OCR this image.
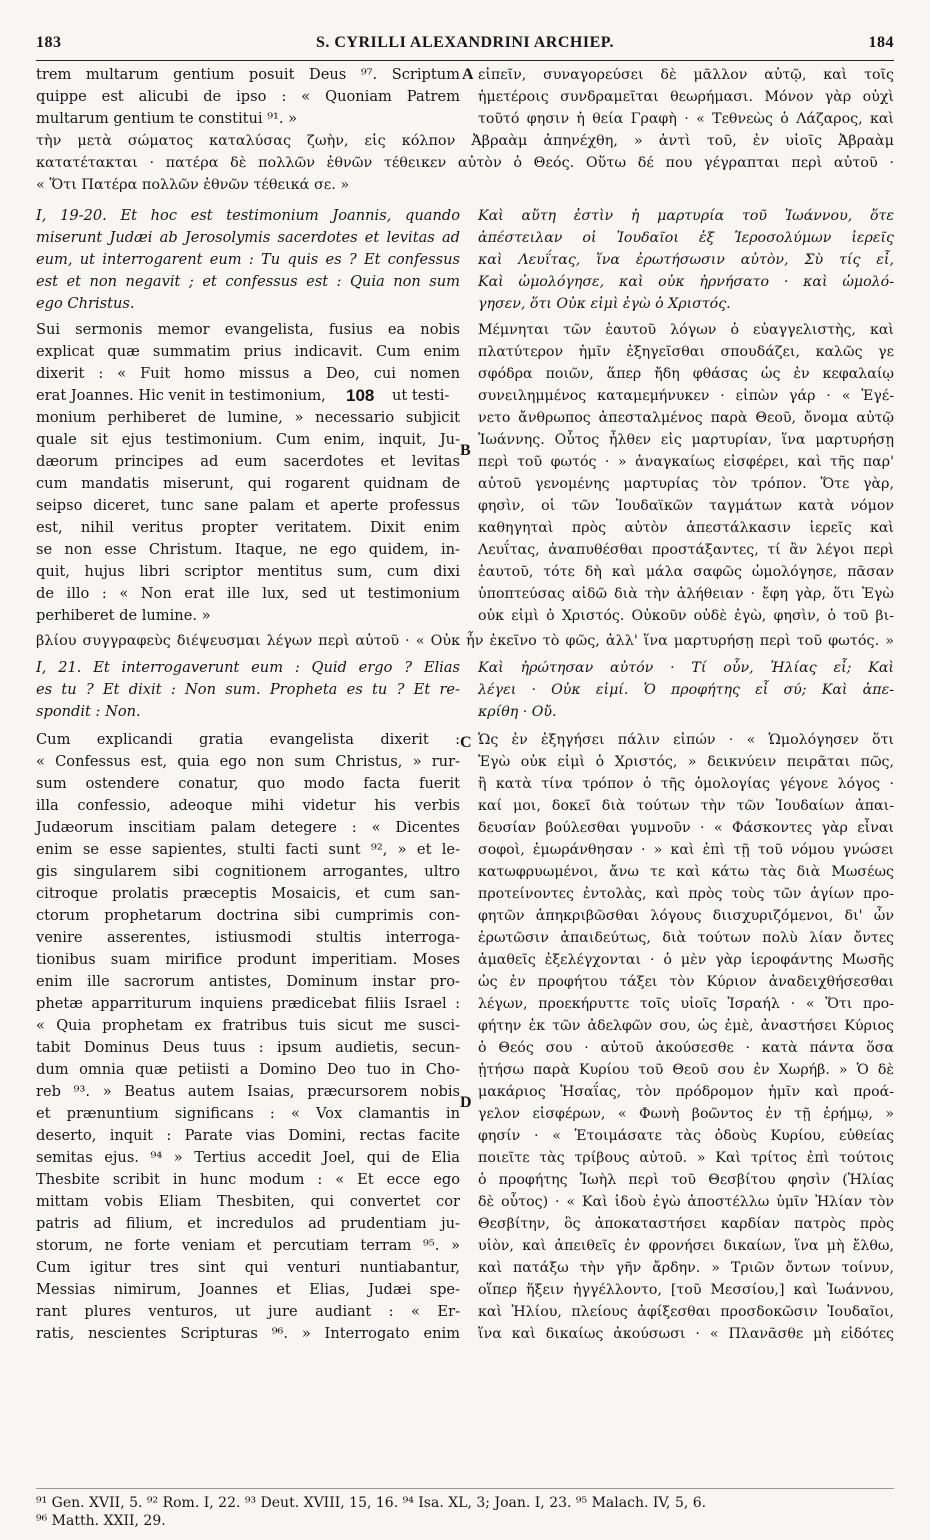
183	S. CYRILLI ALEXANDRINI ARCHIEP.	184
trem multarum gentium posuit Deus ⁹⁷. Scriptum
quippe est alicubi de ipso : « Quoniam Patrem
multarum gentium te constitui ⁹¹. »
A εἰπεῖν, συναγορεύσει δὲ μᾶλλον αὐτῷ, καὶ τοῖς
ἡμετέροις συνδραμεῖται θεωρήμασι. Μόνον γὰρ οὐχὶ
τοῦτό φησιν ἡ θεία Γραφὴ · « Τεθνεὼς ὁ Λάζαρος, καὶ
τὴν μετὰ σώματος καταλύσας ζωὴν, εἰς κόλπον Ἀβραὰμ ἀπηνέχθη, » ἀντὶ τοῦ, ἐν υἱοῖς Ἀβραὰμ
κατατέτακται · πατέρα δὲ πολλῶν ἐθνῶν τέθεικεν αὐτὸν ὁ Θεός. Οὕτω δέ που γέγραπται περὶ αὐτοῦ ·
« Ὅτι Πατέρα πολλῶν ἐθνῶν τέθεικά σε. »
I, 19-20. Et hoc est testimonium Joannis, quando
miserunt Judæi ab Jerosolymis sacerdotes et levitas ad
eum, ut interrogarent eum : Tu quis es ? Et confessus
est et non negavit ; et confessus est : Quia non sum
ego Christus.
Sui sermonis memor evangelista, fusius ea nobis
explicat quæ summatim prius indicavit. Cum enim
dixerit : « Fuit homo missus a Deo, cui nomen
erat Joannes. Hic venit in testimonium,	108 ut testi-
monium perhiberet de lumine, » necessario subjicit
quale sit ejus testimonium. Cum enim, inquit, Ju-
dæorum principes ad eum sacerdotes et levitas
cum mandatis miserunt, qui rogarent quidnam de
seipso diceret, tunc sane palam et aperte professus
est, nihil veritus propter veritatem. Dixit enim
se non esse Christum. Itaque, ne ego quidem, in-
quit, hujus libri scriptor mentitus sum, cum dixi
de illo : « Non erat ille lux, sed ut testimonium
perhiberet de lumine. »
B
Καὶ αὕτη ἐστὶν ἡ μαρτυρία τοῦ Ἰωάννου, ὅτε
ἀπέστειλαν οἱ Ἰουδαῖοι ἐξ Ἱεροσολύμων ἱερεῖς
καὶ Λευΐτας, ἵνα ἐρωτήσωσιν αὐτὸν, Σὺ τίς εἶ,
Καὶ ὡμολόγησε, καὶ οὐκ ἠρνήσατο · καὶ ὡμολό-
γησεν, ὅτι Οὐκ εἰμὶ ἐγὼ ὁ Χριστός.
Μέμνηται τῶν ἑαυτοῦ λόγων ὁ εὐαγγελιστὴς, καὶ
πλατύτερον ἡμῖν ἐξηγεῖσθαι σπουδάζει, καλῶς γε
σφόδρα ποιῶν, ἅπερ ἤδη φθάσας ὡς ἐν κεφαλαίῳ
συνειλημμένος καταμεμήνυκεν · εἰπὼν γάρ · « Ἐγέ-
νετο ἄνθρωπος ἀπεσταλμένος παρὰ Θεοῦ, ὄνομα αὐτῷ
Ἰωάννης. Οὗτος ἦλθεν εἰς μαρτυρίαν, ἵνα μαρτυρήσῃ
περὶ τοῦ φωτός · » ἀναγκαίως εἰσφέρει, καὶ τῆς παρ'
αὐτοῦ γενομένης μαρτυρίας τὸν τρόπον. Ὅτε γὰρ,
φησὶν, οἱ τῶν Ἰουδαϊκῶν ταγμάτων κατὰ νόμον
καθηγηταὶ πρὸς αὐτὸν ἀπεστάλκασιν ἱερεῖς καὶ
Λευΐτας, ἀναπυθέσθαι προστάξαντες, τί ἂν λέγοι περὶ
ἑαυτοῦ, τότε δὴ καὶ μάλα σαφῶς ὡμολόγησε, πᾶσαν
ὑποπτεύσας αἰδῶ διὰ τὴν ἀλήθειαν · ἔφη γὰρ, ὅτι Ἐγὼ
οὐκ εἰμὶ ὁ Χριστός. Οὐκοῦν οὐδὲ ἐγὼ, φησὶν, ὁ τοῦ βι-
βλίου συγγραφεὺς διέψευσμαι λέγων περὶ αὐτοῦ · « Οὐκ ἦν ἐκεῖνο τὸ φῶς, ἀλλ' ἵνα μαρτυρήσῃ περὶ τοῦ φωτός. »
I, 21. Et interrogaverunt eum : Quid ergo ? Elias
es tu ? Et dixit : Non sum. Propheta es tu ? Et re-
spondit : Non.
Cum explicandi gratia evangelista dixerit :
« Confessus est, quia ego non sum Christus, » rur-
sum ostendere conatur, quo modo facta fuerit
illa confessio, adeoque mihi videtur his verbis
Judæorum inscitiam palam detegere : « Dicentes
enim se esse sapientes, stulti facti sunt ⁹², » et le-
gis singularem sibi cognitionem arrogantes, ultro
citroque prolatis præceptis Mosaicis, et cum san-
ctorum prophetarum doctrina sibi cumprimis con-
venire asserentes, istiusmodi stultis interroga-
tionibus suam mirifice produnt imperitiam. Moses
enim ille sacrorum antistes, Dominum instar pro-
phetæ apparriturum inquiens prædicebat filiis Israel :
« Quia prophetam ex fratribus tuis sicut me susci-
tabit Dominus Deus tuus : ipsum audietis, secun-
dum omnia quæ petiisti a Domino Deo tuo in Cho-
reb ⁹³. » Beatus autem Isaias, præcursorem nobis
et prænuntium significans : « Vox clamantis in
deserto, inquit : Parate vias Domini, rectas facite
semitas ejus. ⁹⁴ » Tertius accedit Joel, qui de Elia
Thesbite scribit in hunc modum : « Et ecce ego
mittam vobis Eliam Thesbiten, qui convertet cor
patris ad filium, et incredulos ad prudentiam ju-
storum, ne forte veniam et percutiam terram ⁹⁵. »
Cum igitur tres sint qui venturi nuntiabantur,
Messias nimirum, Joannes et Elias, Judæi spe-
rant plures venturos, ut jure audiant : « Er-
ratis, nescientes Scripturas ⁹⁶. » Interrogato enim
C
D
Καὶ ἠρώτησαν αὐτόν · Τί οὖν, Ἠλίας εἶ; Καὶ
λέγει · Οὐκ εἰμί. Ὁ προφήτης εἶ σύ; Καὶ ἀπε-
κρίθη · Οὔ.
Ὡς ἐν ἐξηγήσει πάλιν εἰπών · « Ὡμολόγησεν ὅτι
Ἐγὼ οὐκ εἰμὶ ὁ Χριστός, » δεικνύειν πειρᾶται πῶς,
ἢ κατὰ τίνα τρόπον ὁ τῆς ὁμολογίας γέγονε λόγος ·
καί μοι, δοκεῖ διὰ τούτων τὴν τῶν Ἰουδαίων ἀπαι-
δευσίαν βούλεσθαι γυμνοῦν · « Φάσκοντες γὰρ εἶναι
σοφοὶ, ἐμωράνθησαν · » καὶ ἐπὶ τῇ τοῦ νόμου γνώσει
κατωφρυωμένοι, ἄνω τε καὶ κάτω τὰς διὰ Μωσέως
προτείνοντες ἐντολὰς, καὶ πρὸς τοὺς τῶν ἁγίων προ-
φητῶν ἀπηκριβῶσθαι λόγους διισχυριζόμενοι, δι' ὧν
ἐρωτῶσιν ἀπαιδεύτως, διὰ τούτων πολὺ λίαν ὄντες
ἀμαθεῖς ἐξελέγχονται · ὁ μὲν γὰρ ἱεροφάντης Μωσῆς
ὡς ἐν προφήτου τάξει τὸν Κύριον ἀναδειχθήσεσθαι
λέγων, προεκήρυττε τοῖς υἱοῖς Ἰσραήλ · « Ὅτι προ-
φήτην ἐκ τῶν ἀδελφῶν σου, ὡς ἐμὲ, ἀναστήσει Κύριος
ὁ Θεός σου · αὐτοῦ ἀκούσεσθε · κατὰ πάντα ὅσα
ᾐτήσω παρὰ Κυρίου τοῦ Θεοῦ σου ἐν Χωρήβ. » Ὁ δὲ
μακάριος Ἡσαΐας, τὸν πρόδρομον ἡμῖν καὶ προά-
γελον εἰσφέρων, « Φωνὴ βοῶντος ἐν τῇ ἐρήμῳ, »
φησίν · « Ἑτοιμάσατε τὰς ὁδοὺς Κυρίου, εὐθείας
ποιεῖτε τὰς τρίβους αὐτοῦ. » Καὶ τρίτος ἐπὶ τούτοις
ὁ προφήτης Ἰωὴλ περὶ τοῦ Θεσβίτου φησὶν (Ἠλίας
δὲ οὗτος) · « Καὶ ἰδοὺ ἐγὼ ἀποστέλλω ὑμῖν Ἠλίαν τὸν
Θεσβίτην, ὃς ἀποκαταστήσει καρδίαν πατρὸς πρὸς
υἱὸν, καὶ ἀπειθεῖς ἐν φρονήσει δικαίων, ἵνα μὴ ἔλθω,
καὶ πατάξω τὴν γῆν ἄρδην. » Τριῶν ὄντων τοίνυν,
οἵπερ ἥξειν ἠγγέλλοντο, [τοῦ Μεσσίου,] καὶ Ἰωάννου,
καὶ Ἠλίου, πλείους ἀφίξεσθαι προσδοκῶσιν Ἰουδαῖοι,
ἵνα καὶ δικαίως ἀκούσωσι · « Πλανᾶσθε μὴ εἰδότες
⁹¹ Gen. XVII, 5. ⁹² Rom. I, 22. ⁹³ Deut. XVIII, 15, 16. ⁹⁴ Isa. XL, 3; Joan. I, 23. ⁹⁵ Malach. IV, 5, 6.
⁹⁶ Matth. XXII, 29.
